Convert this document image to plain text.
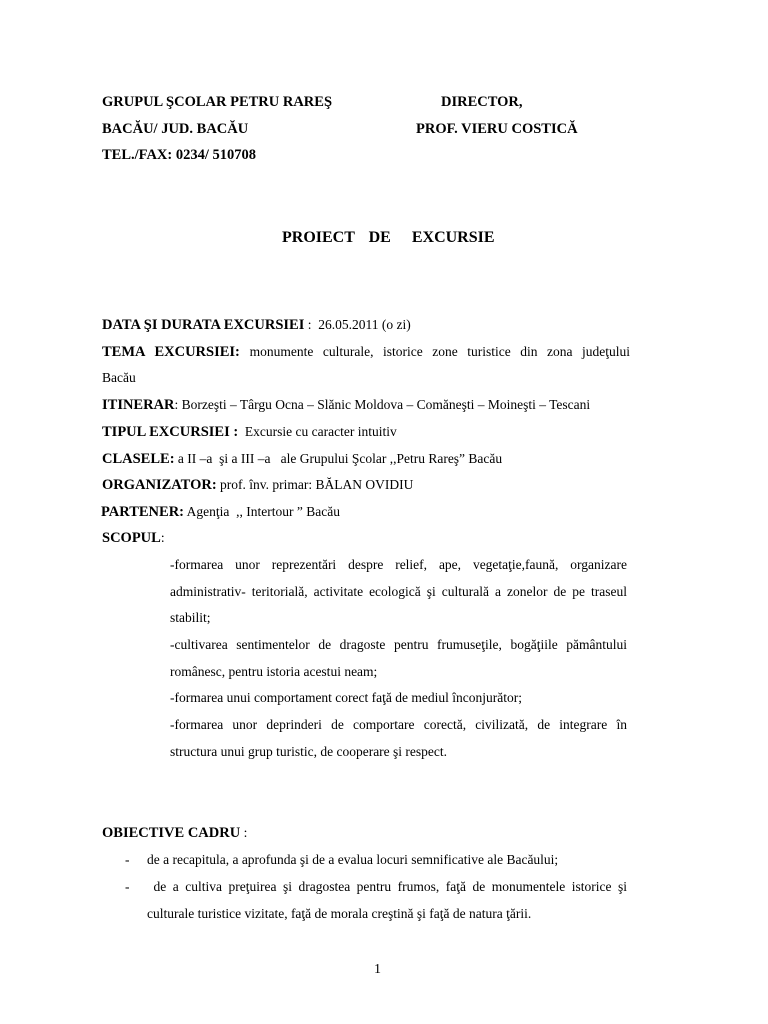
GRUPUL ŞCOLAR PETRU RAREŞ
BACĂU/ JUD. BACĂU
TEL./FAX: 0234/ 510708
DIRECTOR,
PROF. VIERU COSTICĂ
PROIECT  DE   EXCURSIE
DATA ŞI DURATA EXCURSIEI :  26.05.2011 (o zi)
TEMA EXCURSIEI: monumente culturale, istorice zone turistice din zona judeţului
Bacău
ITINERAR: Borzeşti – Târgu Ocna – Slănic Moldova – Comăneşti – Moineşti – Tescani
TIPUL EXCURSIEI :  Excursie cu caracter intuitiv
CLASELE: a II –a  şi a III –a   ale Grupului Şcolar ,,Petru Rareş” Bacău
ORGANIZATOR: prof. înv. primar: BĂLAN OVIDIU
PARTENER: Agenţia  ,, Intertour ” Bacău
SCOPUL:
-formarea unor reprezentări despre relief, ape, vegetaţie,faună, organizare
administrativ- teritorială, activitate ecologică şi culturală a zonelor de pe traseul
stabilit;
-cultivarea sentimentelor de dragoste pentru frumuseţile, bogăţiile pământului
românesc, pentru istoria acestui neam;
-formarea unui comportament corect faţă de mediul înconjurător;
-formarea unor deprinderi de comportare corectă, civilizată, de integrare în
structura unui grup turistic, de cooperare şi respect.
OBIECTIVE CADRU :
- de a recapitula, a aprofunda şi de a evalua locuri semnificative ale Bacăului;
- de a cultiva preţuirea şi dragostea pentru frumos, faţă de monumentele istorice şi
culturale turistice vizitate, faţă de morala creştină şi faţă de natura ţării.
1
